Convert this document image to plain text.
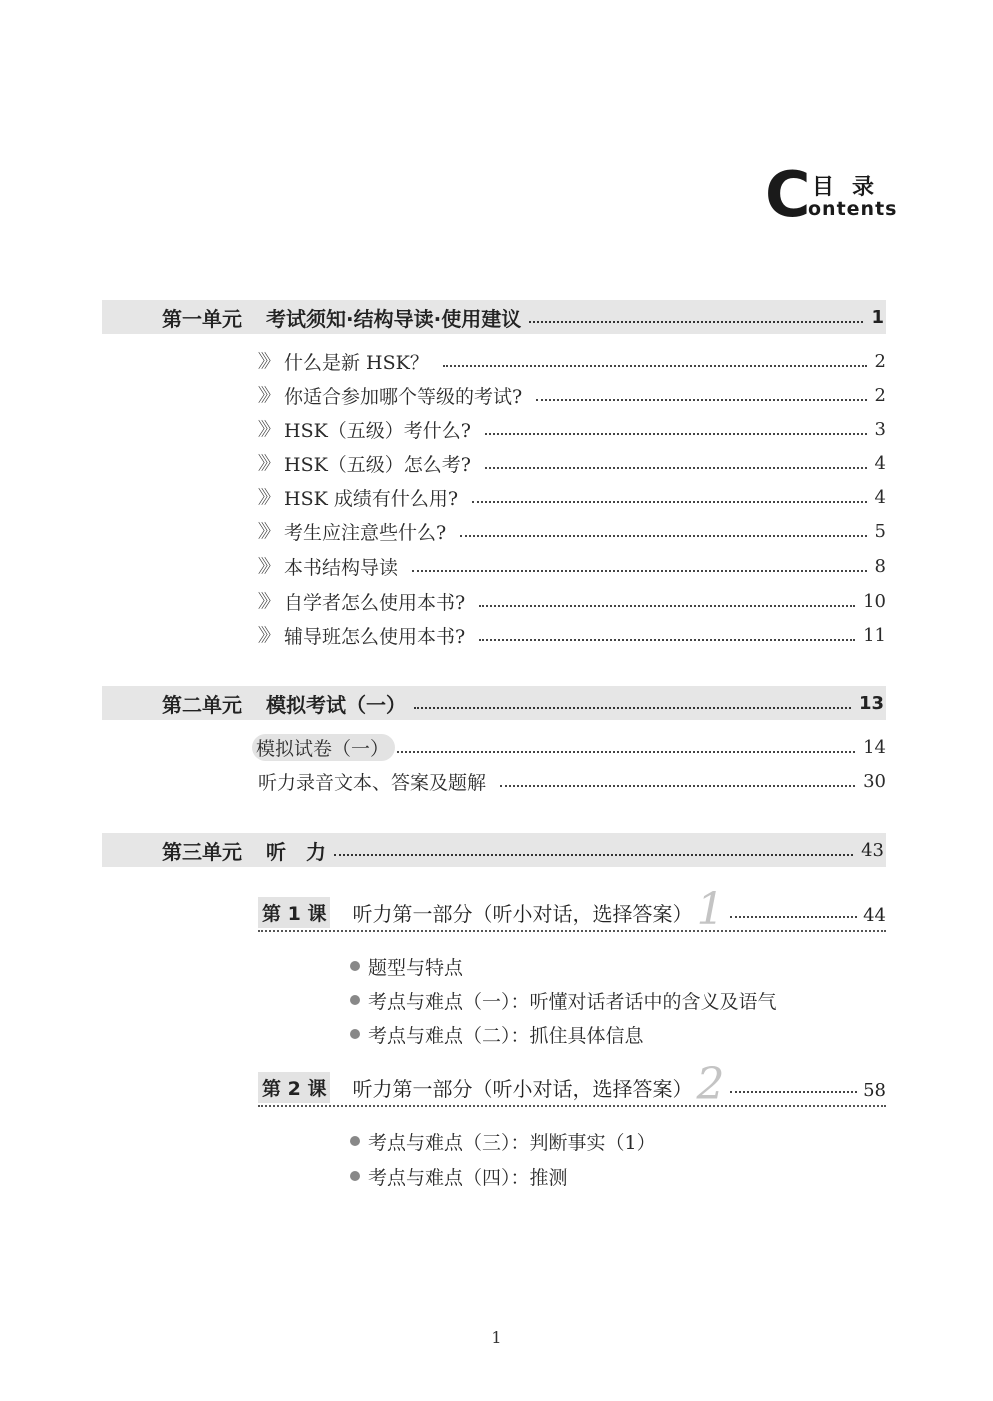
C 目录
ontents
第一单元 考试须知·结构导读·使用建议	1
〉〉〉 什么是新 HSK？	2
〉〉〉 你适合参加哪个等级的考试?	2
〉〉〉 HSK（五级）考什么?	3
〉〉〉 HSK（五级）怎么考?	4
〉〉〉 HSK 成绩有什么用?	4
〉〉〉 考生应注意些什么?	5
〉〉〉 本书结构导读	8
〉〉〉 自学者怎么使用本书?	10
〉〉〉 辅导班怎么使用本书?	11
第二单元 模拟考试（一）	13
模拟试卷（一）	14
听力录音文本、答案及题解	30
第三单元 听　力	43
第 1 课 听力第一部分（听小对话，选择答案） 1	44
题型与特点
考点与难点（一）：听懂对话者话中的含义及语气
考点与难点（二）：抓住具体信息
第 2 课 听力第一部分（听小对话，选择答案） 2	58
考点与难点（三）：判断事实（1）
考点与难点（四）：推测
1
